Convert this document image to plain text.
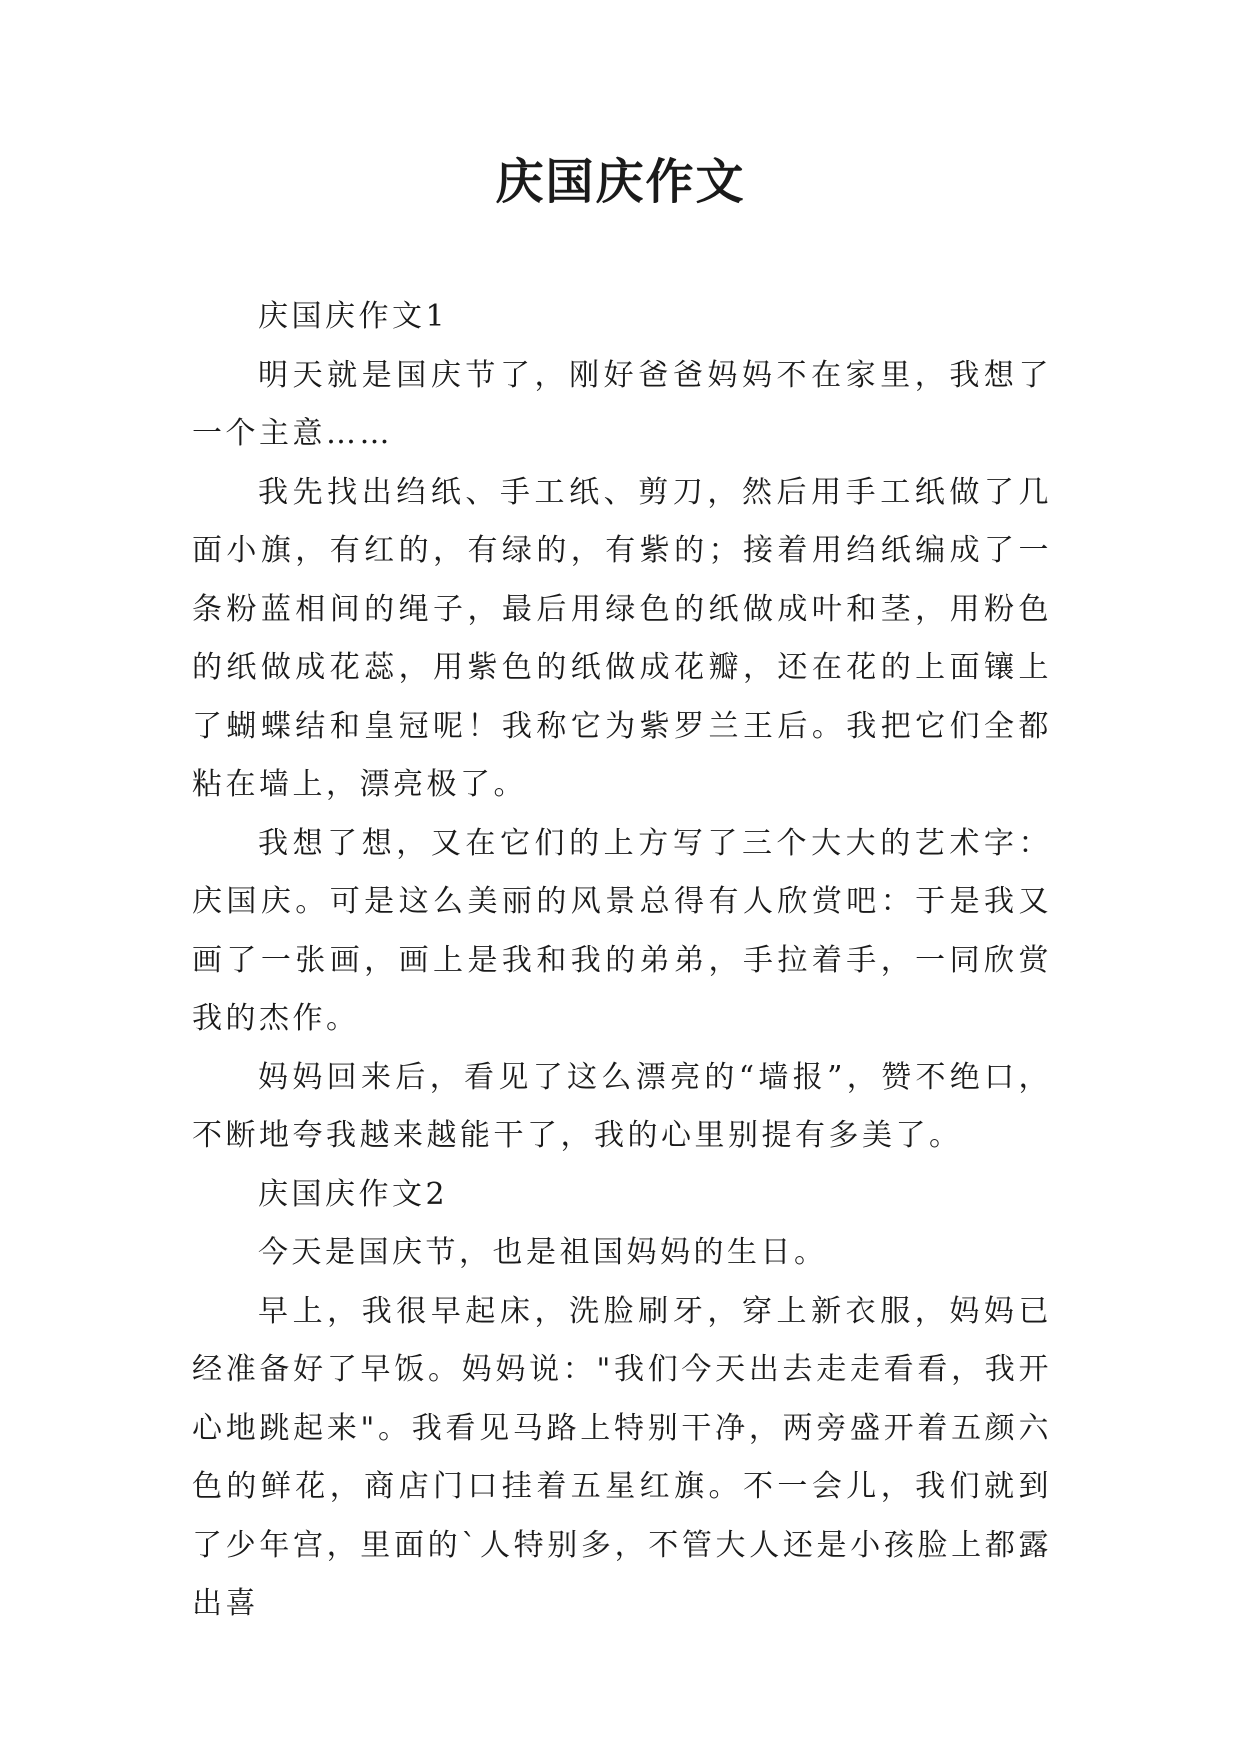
庆国庆作文

庆国庆作文1

明天就是国庆节了，刚好爸爸妈妈不在家里，我想了一个主意……

我先找出绉纸、手工纸、剪刀，然后用手工纸做了几面小旗，有红的，有绿的，有紫的；接着用绉纸编成了一条粉蓝相间的绳子，最后用绿色的纸做成叶和茎，用粉色的纸做成花蕊，用紫色的纸做成花瓣，还在花的上面镶上了蝴蝶结和皇冠呢！我称它为紫罗兰王后。我把它们全都粘在墙上，漂亮极了。

我想了想，又在它们的上方写了三个大大的艺术字：庆国庆。可是这么美丽的风景总得有人欣赏吧：于是我又画了一张画，画上是我和我的弟弟，手拉着手，一同欣赏我的杰作。

妈妈回来后，看见了这么漂亮的“墙报”，赞不绝口，不断地夸我越来越能干了，我的心里别提有多美了。

庆国庆作文2

今天是国庆节，也是祖国妈妈的生日。

早上，我很早起床，洗脸刷牙，穿上新衣服，妈妈已经准备好了早饭。妈妈说："我们今天出去走走看看，我开心地跳起来"。我看见马路上特别干净，两旁盛开着五颜六色的鲜花，商店门口挂着五星红旗。不一会儿，我们就到了少年宫，里面的`人特别多，不管大人还是小孩脸上都露出喜
